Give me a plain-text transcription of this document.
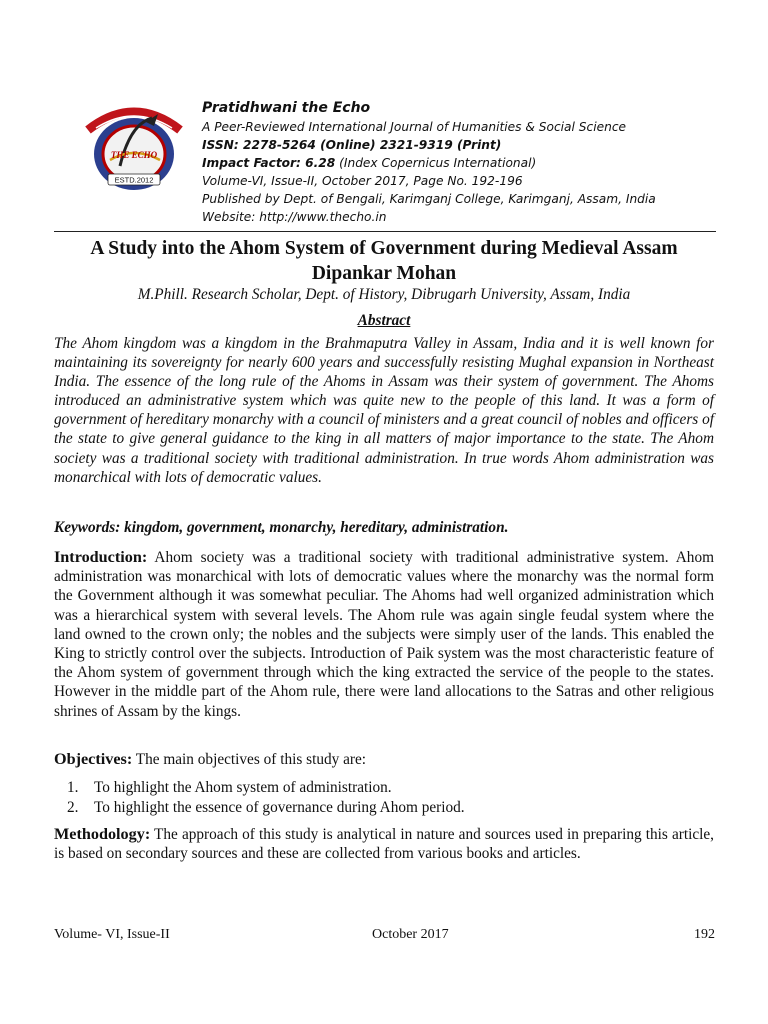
THE ECHO
ESTD.2012
Pratidhwani the Echo
A Peer-Reviewed International Journal of Humanities & Social Science
ISSN: 2278-5264 (Online) 2321-9319 (Print)
Impact Factor: 6.28 (Index Copernicus International)
Volume-VI, Issue-II, October 2017, Page No. 192-196
Published by Dept. of Bengali, Karimganj College, Karimganj, Assam, India
Website: http://www.thecho.in
A Study into the Ahom System of Government during Medieval Assam
Dipankar Mohan
M.Phill. Research Scholar, Dept. of History, Dibrugarh University, Assam, India
Abstract
The Ahom kingdom was a kingdom in the Brahmaputra Valley in Assam, India and it is well known for maintaining its sovereignty for nearly 600 years and successfully resisting Mughal expansion in Northeast India. The essence of the long rule of the Ahoms in Assam was their system of government. The Ahoms introduced an administrative system which was quite new to the people of this land. It was a form of government of hereditary monarchy with a council of ministers and a great council of nobles and officers of the state to give general guidance to the king in all matters of major importance to the state. The Ahom society was a traditional society with traditional administration. In true words Ahom administration was monarchical with lots of democratic values.
Keywords: kingdom, government, monarchy, hereditary, administration.
Introduction: Ahom society was a traditional society with traditional administrative system. Ahom administration was monarchical with lots of democratic values where the monarchy was the normal form the Government although it was somewhat peculiar. The Ahoms had well organized administration which was a hierarchical system with several levels. The Ahom rule was again single feudal system where the land owned to the crown only; the nobles and the subjects were simply user of the lands. This enabled the King to strictly control over the subjects. Introduction of Paik system was the most characteristic feature of the Ahom system of government through which the king extracted the service of the people to the states. However in the middle part of the Ahom rule, there were land allocations to the Satras and other religious shrines of Assam by the kings.
Objectives: The main objectives of this study are:
1. To highlight the Ahom system of administration.
2. To highlight the essence of governance during Ahom period.
Methodology: The approach of this study is analytical in nature and sources used in preparing this article, is based on secondary sources and these are collected from various books and articles.
Volume- VI, Issue-II	October 2017	192
